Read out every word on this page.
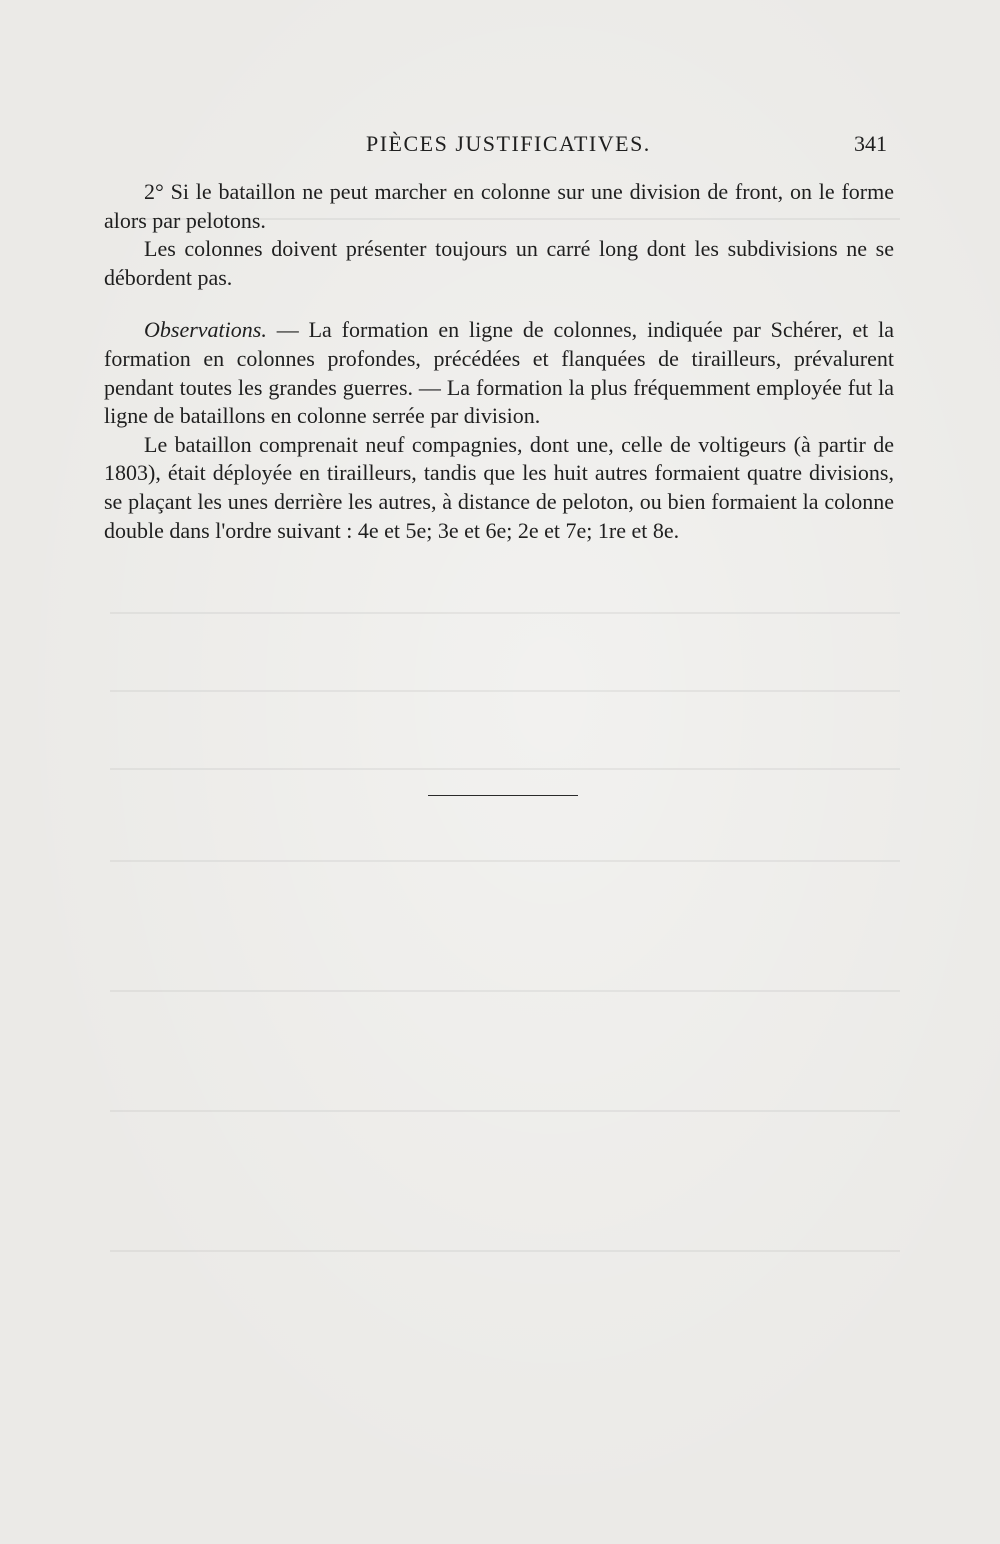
PIÈCES JUSTIFICATIVES.	341

2° Si le bataillon ne peut marcher en colonne sur une division de front, on le forme alors par pelotons.

Les colonnes doivent présenter toujours un carré long dont les subdivisions ne se débordent pas.

Observations. — La formation en ligne de colonnes, indiquée par Schérer, et la formation en colonnes profondes, précédées et flanquées de tirailleurs, prévalurent pendant toutes les grandes guerres. — La formation la plus fréquemment employée fut la ligne de bataillons en colonne serrée par division.

Le bataillon comprenait neuf compagnies, dont une, celle de voltigeurs (à partir de 1803), était déployée en tirailleurs, tandis que les huit autres formaient quatre divisions, se plaçant les unes derrière les autres, à distance de peloton, ou bien formaient la colonne double dans l'ordre suivant : 4e et 5e; 3e et 6e; 2e et 7e; 1re et 8e.
